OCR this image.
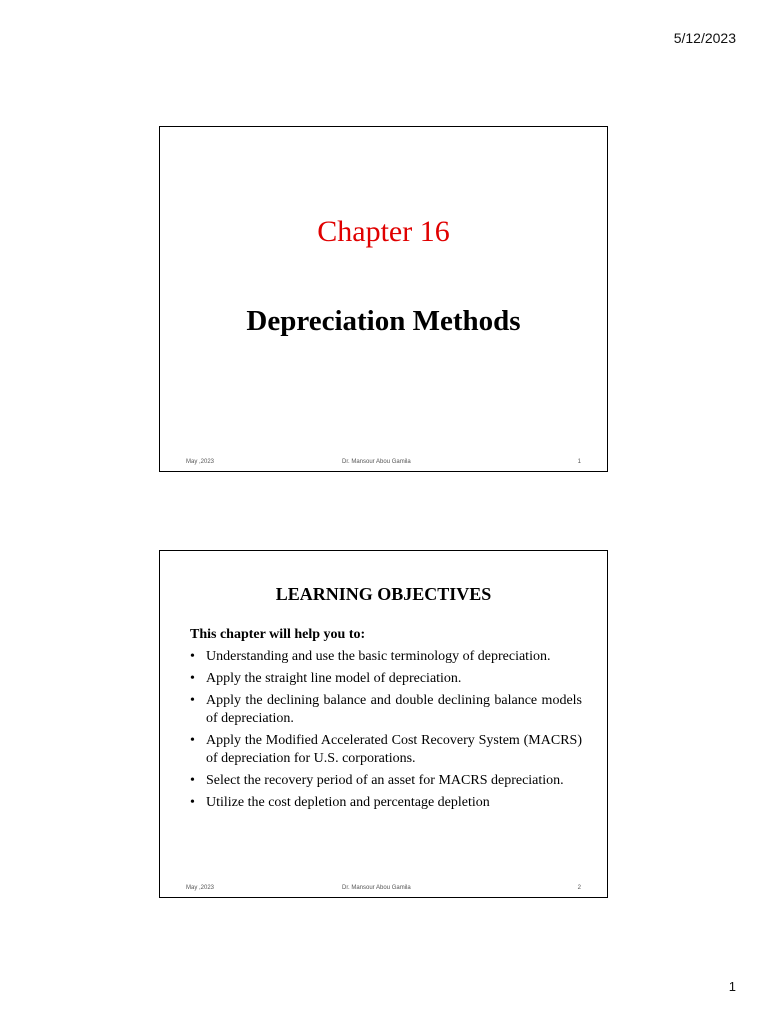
5/12/2023
Chapter 16
Depreciation Methods
May ,2023	Dr. Mansour Abou Gamila	1
LEARNING OBJECTIVES
This chapter will help you to:
• Understanding and use the basic terminology of depreciation.
• Apply the straight line model of depreciation.
• Apply the declining balance and double declining balance models of depreciation.
• Apply the Modified Accelerated Cost Recovery System (MACRS) of depreciation for U.S. corporations.
• Select the recovery period of an asset for MACRS depreciation.
• Utilize the cost depletion and percentage depletion
May ,2023	Dr. Mansour Abou Gamila	2
1
